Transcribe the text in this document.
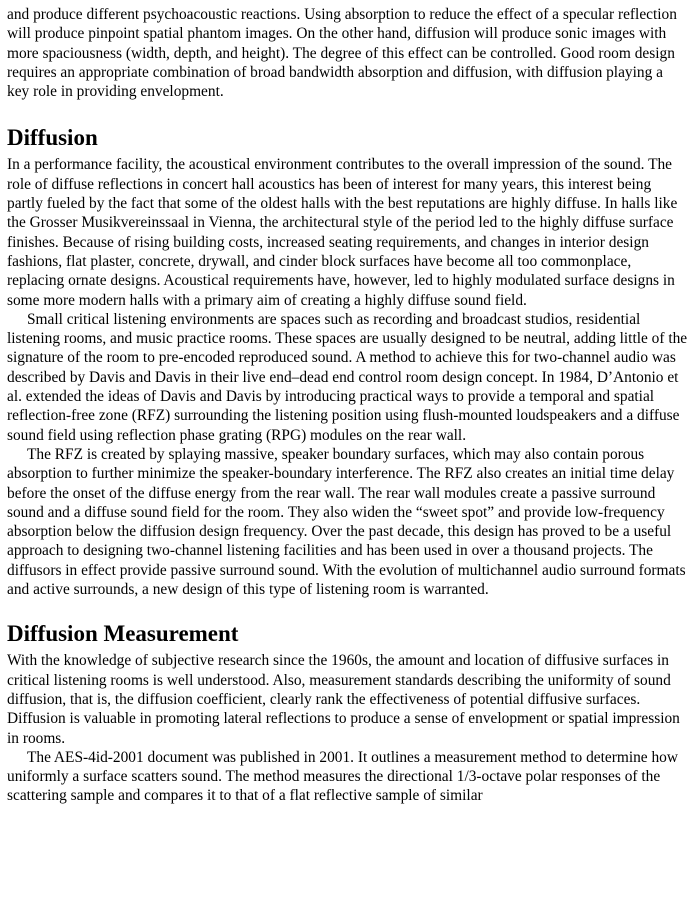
and produce different psychoacoustic reactions. Using absorption to reduce the effect of a specular reflection will produce pinpoint spatial phantom images. On the other hand, diffusion will produce sonic images with more spaciousness (width, depth, and height). The degree of this effect can be controlled. Good room design requires an appropriate combination of broad bandwidth absorption and diffusion, with diffusion playing a key role in providing envelopment.

Diffusion

In a performance facility, the acoustical environment contributes to the overall impression of the sound. The role of diffuse reflections in concert hall acoustics has been of interest for many years, this interest being partly fueled by the fact that some of the oldest halls with the best reputations are highly diffuse. In halls like the Grosser Musikvereinssaal in Vienna, the architectural style of the period led to the highly diffuse surface finishes. Because of rising building costs, increased seating requirements, and changes in interior design fashions, flat plaster, concrete, drywall, and cinder block surfaces have become all too commonplace, replacing ornate designs. Acoustical requirements have, however, led to highly modulated surface designs in some more modern halls with a primary aim of creating a highly diffuse sound field.

Small critical listening environments are spaces such as recording and broadcast studios, residential listening rooms, and music practice rooms. These spaces are usually designed to be neutral, adding little of the signature of the room to pre-encoded reproduced sound. A method to achieve this for two-channel audio was described by Davis and Davis in their live end–dead end control room design concept. In 1984, D’Antonio et al. extended the ideas of Davis and Davis by introducing practical ways to provide a temporal and spatial reflection-free zone (RFZ) surrounding the listening position using flush-mounted loudspeakers and a diffuse sound field using reflection phase grating (RPG) modules on the rear wall.

The RFZ is created by splaying massive, speaker boundary surfaces, which may also contain porous absorption to further minimize the speaker-boundary interference. The RFZ also creates an initial time delay before the onset of the diffuse energy from the rear wall. The rear wall modules create a passive surround sound and a diffuse sound field for the room. They also widen the “sweet spot” and provide low-frequency absorption below the diffusion design frequency. Over the past decade, this design has proved to be a useful approach to designing two-channel listening facilities and has been used in over a thousand projects. The diffusors in effect provide passive surround sound. With the evolution of multichannel audio surround formats and active surrounds, a new design of this type of listening room is warranted.

Diffusion Measurement

With the knowledge of subjective research since the 1960s, the amount and location of diffusive surfaces in critical listening rooms is well understood. Also, measurement standards describing the uniformity of sound diffusion, that is, the diffusion coefficient, clearly rank the effectiveness of potential diffusive surfaces. Diffusion is valuable in promoting lateral reflections to produce a sense of envelopment or spatial impression in rooms.

The AES-4id-2001 document was published in 2001. It outlines a measurement method to determine how uniformly a surface scatters sound. The method measures the directional 1/3-octave polar responses of the scattering sample and compares it to that of a flat reflective sample of similar
